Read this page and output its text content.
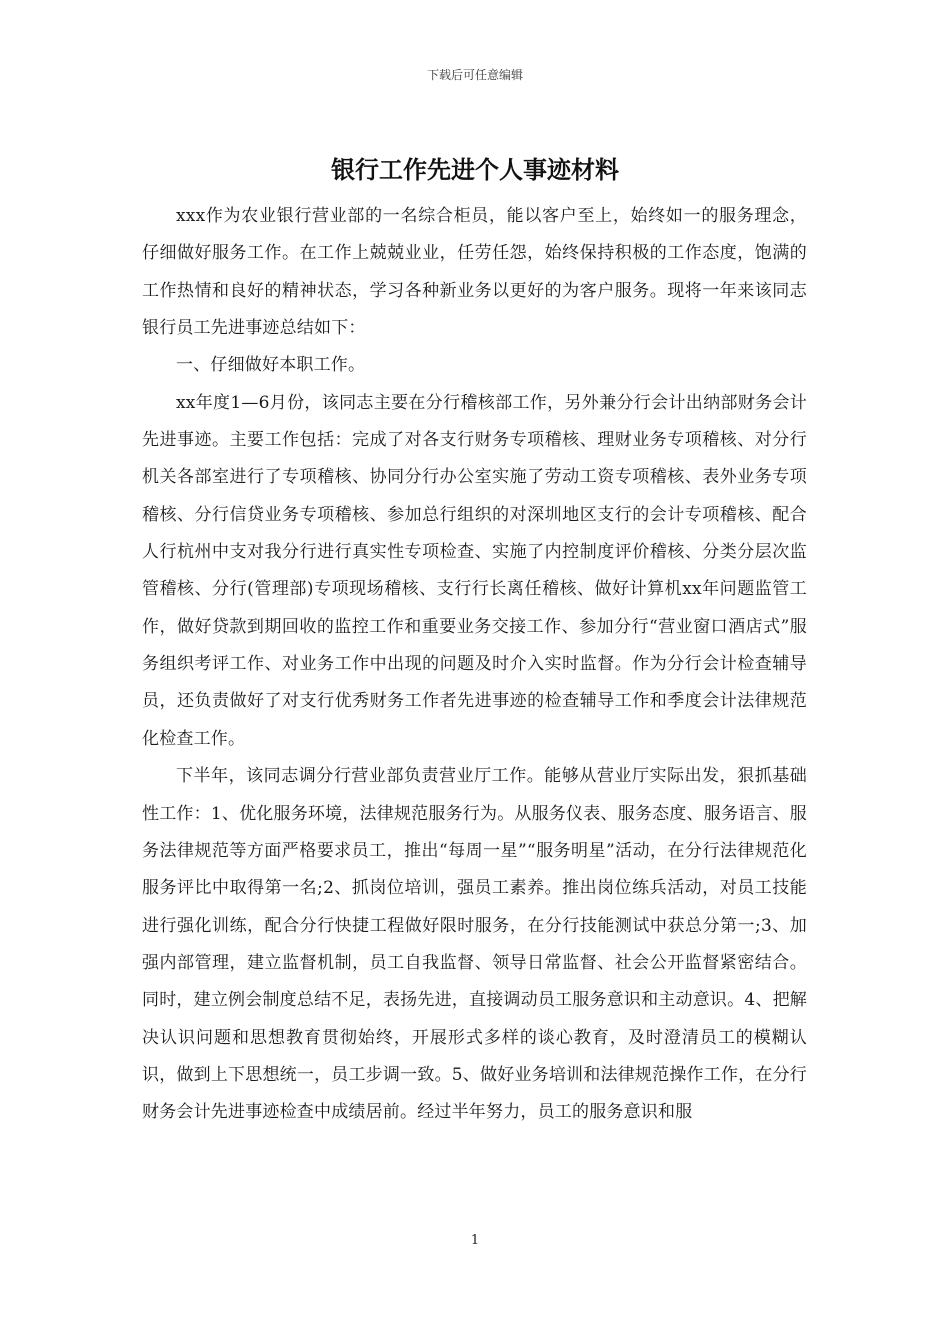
下载后可任意编辑
银行工作先进个人事迹材料

xxx作为农业银行营业部的一名综合柜员，能以客户至上，始终如一的服务理念，仔细做好服务工作。在工作上兢兢业业，任劳任怨，始终保持积极的工作态度，饱满的工作热情和良好的精神状态，学习各种新业务以更好的为客户服务。现将一年来该同志银行员工先进事迹总结如下：

一、仔细做好本职工作。

xx年度1—6月份，该同志主要在分行稽核部工作，另外兼分行会计出纳部财务会计先进事迹。主要工作包括：完成了对各支行财务专项稽核、理财业务专项稽核、对分行机关各部室进行了专项稽核、协同分行办公室实施了劳动工资专项稽核、表外业务专项稽核、分行信贷业务专项稽核、参加总行组织的对深圳地区支行的会计专项稽核、配合人行杭州中支对我分行进行真实性专项检查、实施了内控制度评价稽核、分类分层次监管稽核、分行(管理部)专项现场稽核、支行行长离任稽核、做好计算机xx年问题监管工作，做好贷款到期回收的监控工作和重要业务交接工作、参加分行“营业窗口酒店式”服务组织考评工作、对业务工作中出现的问题及时介入实时监督。作为分行会计检查辅导员，还负责做好了对支行优秀财务工作者先进事迹的检查辅导工作和季度会计法律规范化检查工作。

下半年，该同志调分行营业部负责营业厅工作。能够从营业厅实际出发，狠抓基础性工作：1、优化服务环境，法律规范服务行为。从服务仪表、服务态度、服务语言、服务法律规范等方面严格要求员工，推出“每周一星”“服务明星”活动，在分行法律规范化服务评比中取得第一名;2、抓岗位培训，强员工素养。推出岗位练兵活动，对员工技能进行强化训练，配合分行快捷工程做好限时服务，在分行技能测试中获总分第一;3、加强内部管理，建立监督机制，员工自我监督、领导日常监督、社会公开监督紧密结合。同时，建立例会制度总结不足，表扬先进，直接调动员工服务意识和主动意识。4、把解决认识问题和思想教育贯彻始终，开展形式多样的谈心教育，及时澄清员工的模糊认识，做到上下思想统一，员工步调一致。5、做好业务培训和法律规范操作工作，在分行财务会计先进事迹检查中成绩居前。经过半年努力，员工的服务意识和服

1
